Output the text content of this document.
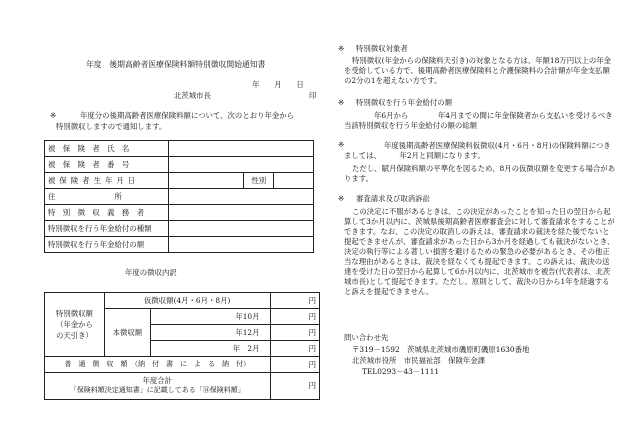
年度　後期高齢者医療保険料額特別徴収開始通知書
年　　月　　日
北茨城市長	印
※	年度分の後期高齢者医療保険料額について、次のとおり年金から
特別徴収しますので通知します。
被　保　険　者　氏　名			
被　保　険　者　番　号			
被保険者生年月日		性別	
住　　　　　　　　所			
特　別　徴　収　義　務　者			
特別徴収を行う年金給付の種類			
特別徴収を行う年金給付の額			
年度の徴収内訳
特別徴収額
（年金から
の天引き）	仮徴収額(4月・6月・8月)		円
	本徴収額	年10月	円
		年12月	円
		年　2月	円
普　通　徴　収　額　（納　付　書　に　よ　る　納　付）			円

年度合計
「保険料額決定通知書」に記載してある「⑭保険料額」			円
※ 特別徴収対象者
特別徴収(年金からの保険料天引き)の対象となる方は、年額18万円以上の年金を受給している方で、後期高齢者医療保険料と介護保険料の合計額が年金支払額の2分の1を超えない方です。
※ 特別徴収を行う年金給付の額
年6月から　　　　年4月までの間に年金保険者から支払いを受けるべき当該特別徴収を行う年金給付の額の総額
※	年度後期高齢者医療保険料仮徴収(4月・6月・8月)の保険料額につきましては、　　　年2月と同額になります。
ただし、賦月保険料額の平準化を図るため、8月の仮徴収額を変更する場合があります。
※ 審査請求及び取消訴訟
この決定に不服があるときは、この決定があったことを知った日の翌日から起算して3か月以内に、茨城県後期高齢者医療審査会に対して審査請求をすることができます。なお、この決定の取消しの訴えは、審査請求の裁決を経た後でないと提起できませんが、審査請求があった日から3か月を経過しても裁決がないとき、決定の執行等による著しい損害を避けるための緊急の必要があるとき、その他正当な理由があるときは、裁決を経なくても提起できます。この訴えは、裁決の送達を受けた日の翌日から起算して6か月以内に、北茨城市を被告(代表者は、北茨城市長)として提起できます。ただし、原則として、裁決の日から1年を経過すると訴えを提起できません。
問い合わせ先
〒319－1592　茨城県北茨城市磯原町磯原1630番地
北茨城市役所　市民福祉部　保険年金課
TEL0293－43－1111
